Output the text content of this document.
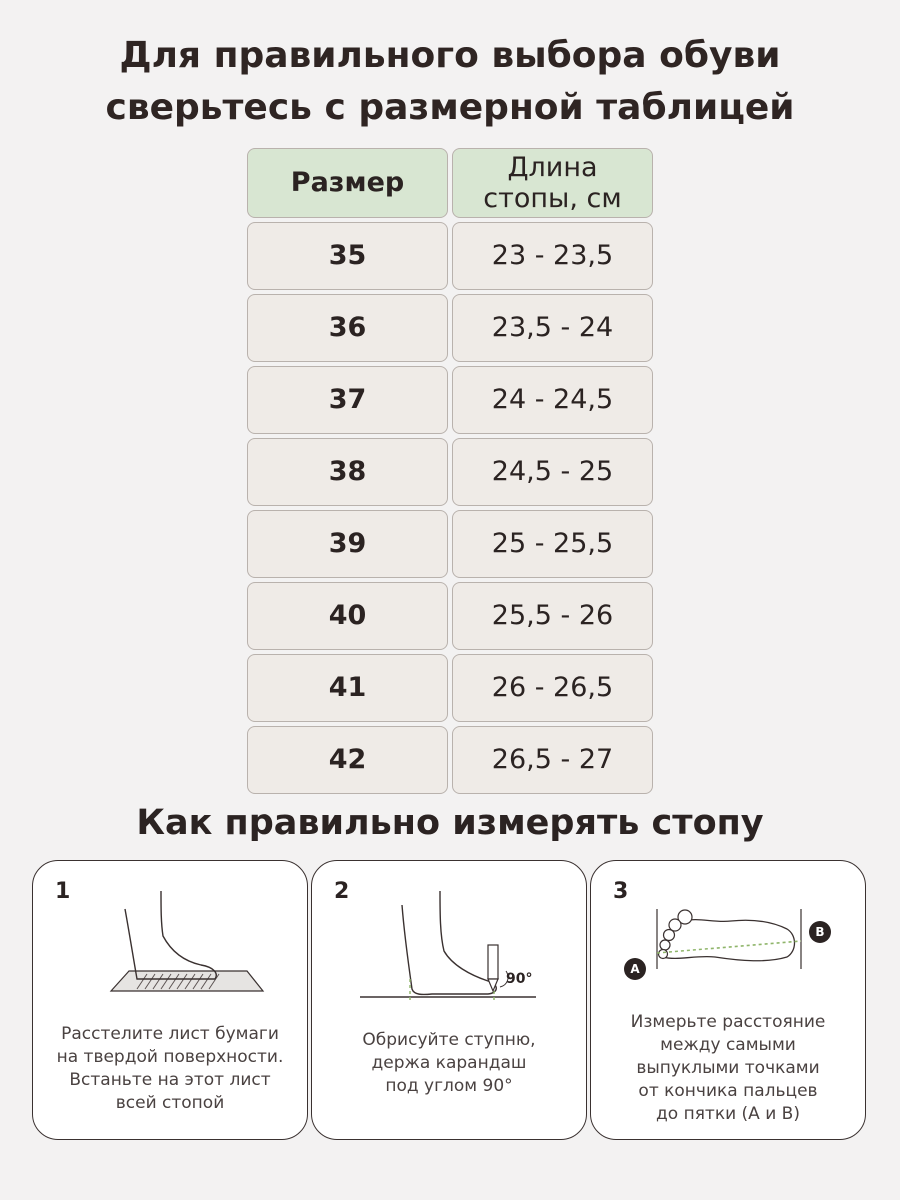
Для правильного выбора обуви
сверьтесь с размерной таблицей
Размер	Длина
стопы, см
35	23 - 23,5
36	23,5 - 24
37	24 - 24,5
38	24,5 - 25
39	25 - 25,5
40	25,5 - 26
41	26 - 26,5
42	26,5 - 27
Как правильно измерять стопу
1
Расстелите лист бумаги
на твердой поверхности.
Встаньте на этот лист
всей стопой
2
90°
Обрисуйте ступню,
держа карандаш
под углом 90°
3
A
B
Измерьте расстояние
между самыми
выпуклыми точками
от кончика пальцев
до пятки (А и В)
